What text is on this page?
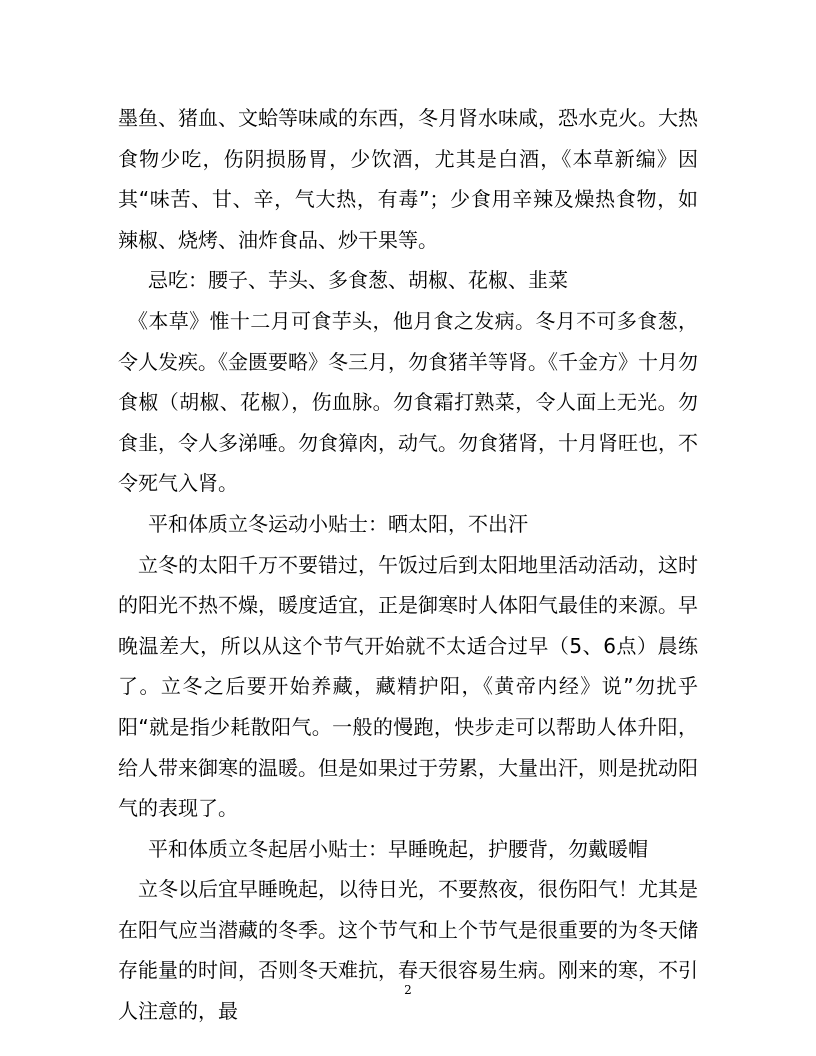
墨鱼、猪血、文蛤等味咸的东西，冬月肾水味咸，恐水克火。大热食物少吃，伤阴损肠胃，少饮酒，尤其是白酒，《本草新编》因其“味苦、甘、辛，气大热，有毒”；少食用辛辣及燥热食物，如辣椒、烧烤、油炸食品、炒干果等。

忌吃：腰子、芋头、多食葱、胡椒、花椒、韭菜

《本草》惟十二月可食芋头，他月食之发病。冬月不可多食葱，令人发疾。《金匮要略》冬三月，勿食猪羊等肾。《千金方》十月勿食椒（胡椒、花椒），伤血脉。勿食霜打熟菜，令人面上无光。勿食韭，令人多涕唾。勿食獐肉，动气。勿食猪肾，十月肾旺也，不令死气入肾。

平和体质立冬运动小贴士：晒太阳，不出汗

立冬的太阳千万不要错过，午饭过后到太阳地里活动活动，这时的阳光不热不燥，暖度适宜，正是御寒时人体阳气最佳的来源。早晚温差大，所以从这个节气开始就不太适合过早（5、6点）晨练了。立冬之后要开始养藏，藏精护阳，《黄帝内经》说”勿扰乎阳“就是指少耗散阳气。一般的慢跑，快步走可以帮助人体升阳，给人带来御寒的温暖。但是如果过于劳累，大量出汗，则是扰动阳气的表现了。

平和体质立冬起居小贴士：早睡晚起，护腰背，勿戴暖帽

立冬以后宜早睡晚起，以待日光，不要熬夜，很伤阳气！尤其是在阳气应当潜藏的冬季。这个节气和上个节气是很重要的为冬天储存能量的时间，否则冬天难抗，春天很容易生病。刚来的寒，不引人注意的，最

2
